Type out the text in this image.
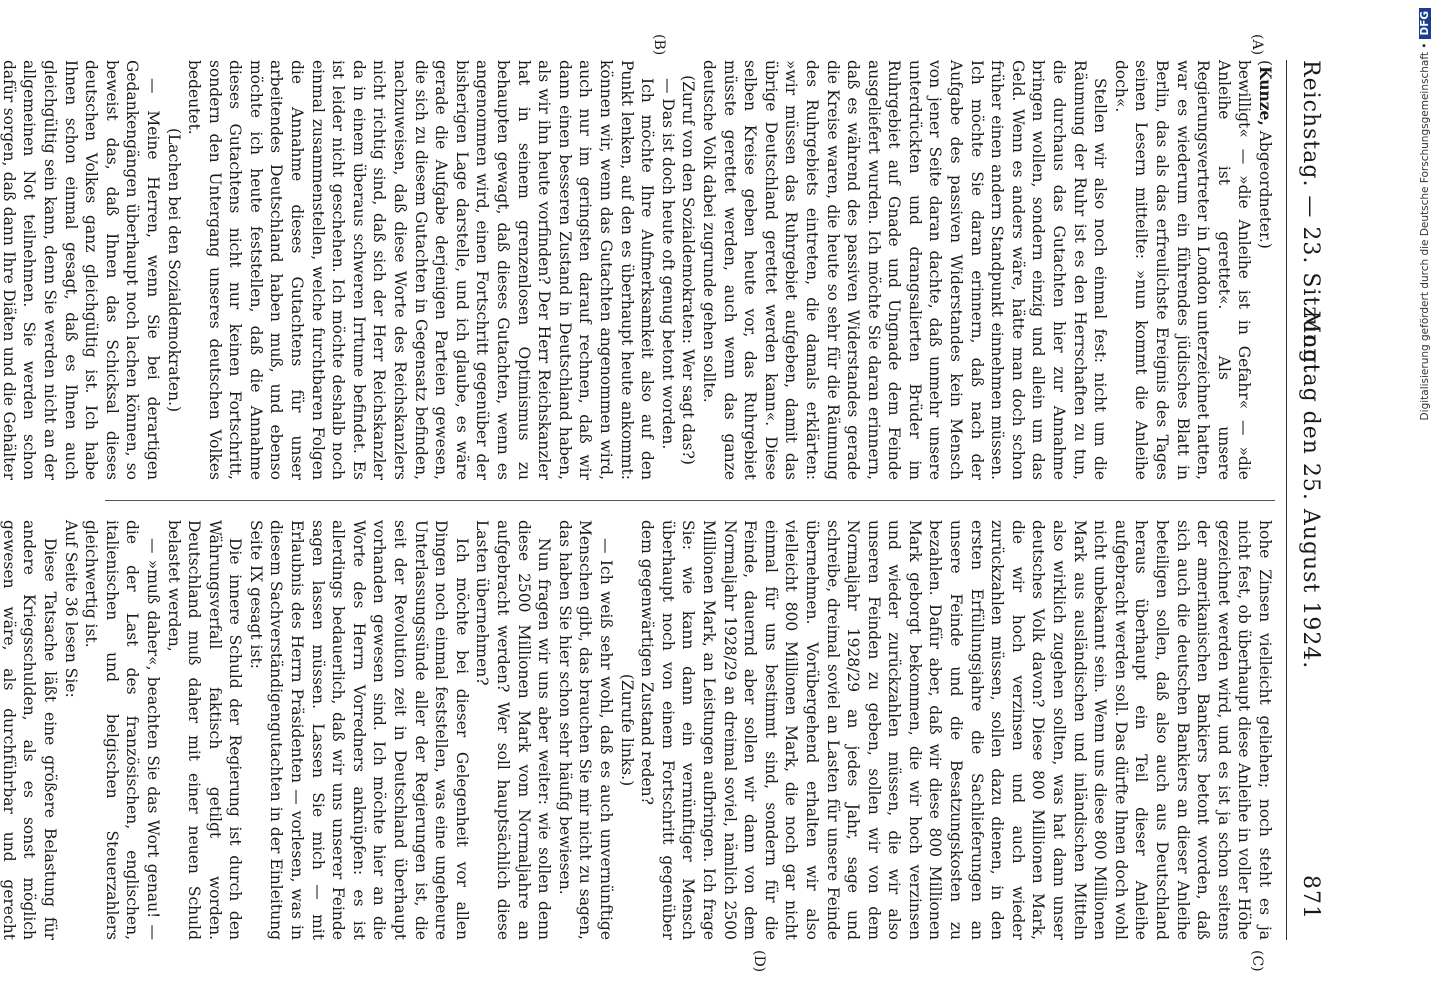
Reichstag. — 23. Sitzung.
Montag den 25. August 1924.
871
(A)
(B)
(C)
(D)

(Kunze, Abgeordneter.)

bewilligt« — »die Anleihe ist in Gefahr« — »die Anleihe ist gerettet«. Als unsere Regierungsvertreter in London unterzeichnet hatten, war es wiederum ein führendes jüdisches Blatt in Berlin, das als das erfreulichste Ereignis des Tages seinen Lesern mitteilte: »nun kommt die Anleihe doch«.

Stellen wir also noch einmal fest: nicht um die Räumung der Ruhr ist es den Herrschaften zu tun, die durchaus das Gutachten hier zur Annahme bringen wollen, sondern einzig und allein um das Geld. Wenn es anders wäre, hätte man doch schon früher einen andern Standpunkt einnehmen müssen. Ich möchte Sie daran erinnern, daß nach der Aufgabe des passiven Widerstandes kein Mensch von jener Seite daran dachte, daß unmehr unsere unterdrückten und drangsalierten Brüder im Ruhrgebiet auf Gnade und Ungnade dem Feinde ausgeliefert wurden. Ich möchte Sie daran erinnern, daß es während des passiven Widerstandes gerade die Kreise waren, die heute so sehr für die Räumung des Ruhrgebiets eintreten, die damals erklärten: »wir müssen das Ruhrgebiet aufgeben, damit das übrige Deutschland gerettet werden kann«. Diese selben Kreise geben heute vor, das Ruhrgebiet müsste gerettet werden, auch wenn das ganze deutsche Volk dabei zugrunde gehen sollte.

(Zuruf von den Sozialdemokraten: Wer sagt das?)

— Das ist doch heute oft genug betont worden.

Ich möchte Ihre Aufmerksamkeit also auf den Punkt lenken, auf den es überhaupt heute ankommt: können wir, wenn das Gutachten angenommen wird, auch nur im geringsten darauf rechnen, daß wir dann einen besseren Zustand in Deutschland haben, als wir ihn heute vorfinden? Der Herr Reichskanzler hat in seinem grenzenlosen Optimismus zu behaupten gewagt, daß dieses Gutachten, wenn es angenommen wird, einen Fortschritt gegenüber der bisherigen Lage darstelle, und ich glaube, es wäre gerade die Aufgabe derjenigen Parteien gewesen, die sich zu diesem Gutachten in Gegensatz befinden, nachzuweisen, daß diese Worte des Reichskanzlers nicht richtig sind, daß sich der Herr Reichskanzler da in einem überaus schweren Irrtume befindet. Es ist leider nicht geschehen. Ich möchte deshalb noch einmal zusammenstellen, welche furchtbaren Folgen die Annahme dieses Gutachtens für unser arbeitendes Deutschland haben muß, und ebenso möchte ich heute feststellen, daß die Annahme dieses Gutachtens nicht nur keinen Fortschritt, sondern den Untergang unseres deutschen Volkes bedeutet.

(Lachen bei den Sozialdemokraten.)

— Meine Herren, wenn Sie bei derartigen Gedankengängen überhaupt noch lachen können, so beweist das, daß Ihnen das Schicksal dieses deutschen Volkes ganz gleichgültig ist. Ich habe Ihnen schon einmal gesagt, daß es Ihnen auch gleichgültig sein kann, denn Sie werden nicht an der allgemeinen Not teilnehmen. Sie werden schon dafür sorgen, daß dann Ihre Diäten und die Gehälter

hohe Zinsen vielleicht geliehen; noch steht es ja nicht fest, ob überhaupt diese Anleihe in voller Höhe gezeichnet werden wird, und es ist ja schon seitens der amerikanischen Bankiers betont worden, daß sich auch die deutschen Bankiers an dieser Anleihe beteiligen sollen, daß also auch aus Deutschland heraus überhaupt ein Teil dieser Anleihe aufgebracht werden soll. Das dürfte Ihnen doch wohl nicht unbekannt sein. Wenn uns diese 800 Millionen Mark aus ausländischen und inländischen Mitteln also wirklich zugehen sollten, was hat dann unser deutsches Volk davon? Diese 800 Millionen Mark, die wir hoch verzinsen und auch wieder zurückzahlen müssen, sollen dazu dienen, in den ersten Erfüllungsjahre die Sachlieferungen an unsere Feinde und die Besatzungskosten zu bezahlen. Dafür aber, daß wir diese 800 Millionen Mark geborgt bekommen, die wir hoch verzinsen und wieder zurückzahlen müssen, die wir also unseren Feinden zu geben, sollen wir von dem Normaljahr 1928/29 an jedes Jahr, sage und schreibe, dreimal soviel an Lasten für unsere Feinde übernehmen. Vorübergehend erhalten wir also vielleicht 800 Millionen Mark, die noch gar nicht einmal für uns bestimmt sind, sondern für die Feinde, dauernd aber sollen wir dann von dem Normaljahr 1928/29 an dreimal soviel, nämlich 2500 Millionen Mark, an Leistungen aufbringen. Ich frage Sie: wie kann dann ein vernünftiger Mensch überhaupt noch von einem Fortschritt gegenüber dem gegenwärtigen Zustand reden?

(Zurufe links.)

— Ich weiß sehr wohl, daß es auch unvernünftige Menschen gibt, das brauchen Sie mir nicht zu sagen, das haben Sie hier schon sehr häufig bewiesen.

Nun fragen wir uns aber weiter: wie sollen denn diese 2500 Millionen Mark vom Normaljahre an aufgebracht werden? Wer soll hauptsächlich diese Lasten übernehmen?

Ich möchte bei dieser Gelegenheit vor allen Dingen noch einmal feststellen, was eine ungeheure Unterlassungssünde aller der Regierungen ist, die seit der Revolution zeit in Deutschland überhaupt vorhanden gewesen sind. Ich möchte hier an die Worte des Herrn Vorredners anknüpfen: es ist allerdings bedauerlich, daß wir uns unserer Feinde sagen lassen müssen. Lassen Sie mich — mit Erlaubnis des Herrn Präsidenten — vorlesen, was in diesem Sachverständigengutachten in der Einleitung Seite IX gesagt ist:

Die innere Schuld der Regierung ist durch den Währungsverfall faktisch getilgt worden. Deutschland muß daher mit einer neuen Schuld belastet werden,

— »muß daher«, beachten Sie das Wort genau! — die der Last des französischen, englischen, italienischen und belgischen Steuerzahlers gleichwertig ist.

Auf Seite 36 lesen Sie:

Diese Tatsache läßt eine größere Belastung für andere Kriegsschulden, als es sonst möglich gewesen wäre, als durchführbar und gerecht

Digitalisierung gefördert durch die Deutsche Forschungsgemeinschaft •DFG
